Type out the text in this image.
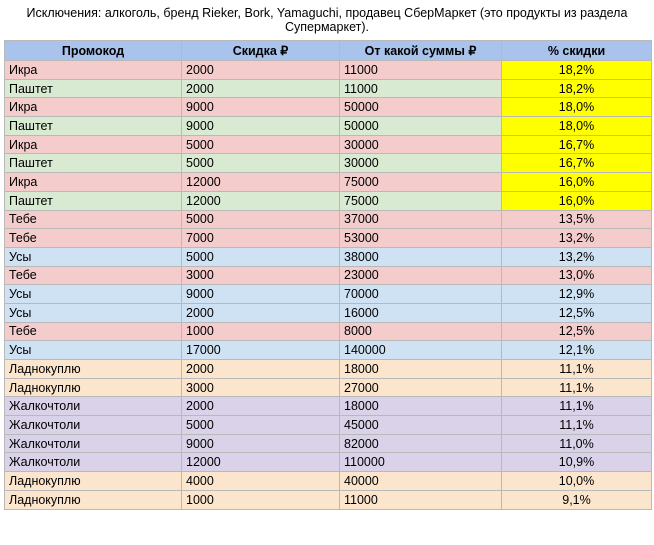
Исключения: алкоголь, бренд Rieker, Bork, Yamaguchi, продавец СберМаркет (это продукты из раздела Супермаркет).
Промокод	Скидка ₽	От какой суммы ₽	% скидки
Икра	2000	11000	18,2%
Паштет	2000	11000	18,2%
Икра	9000	50000	18,0%
Паштет	9000	50000	18,0%
Икра	5000	30000	16,7%
Паштет	5000	30000	16,7%
Икра	12000	75000	16,0%
Паштет	12000	75000	16,0%
Тебе	5000	37000	13,5%
Тебе	7000	53000	13,2%
Усы	5000	38000	13,2%
Тебе	3000	23000	13,0%
Усы	9000	70000	12,9%
Усы	2000	16000	12,5%
Тебе	1000	8000	12,5%
Усы	17000	140000	12,1%
Ладнокуплю	2000	18000	11,1%
Ладнокуплю	3000	27000	11,1%
Жалкочтоли	2000	18000	11,1%
Жалкочтоли	5000	45000	11,1%
Жалкочтоли	9000	82000	11,0%
Жалкочтоли	12000	110000	10,9%
Ладнокуплю	4000	40000	10,0%
Ладнокуплю	1000	11000	9,1%
